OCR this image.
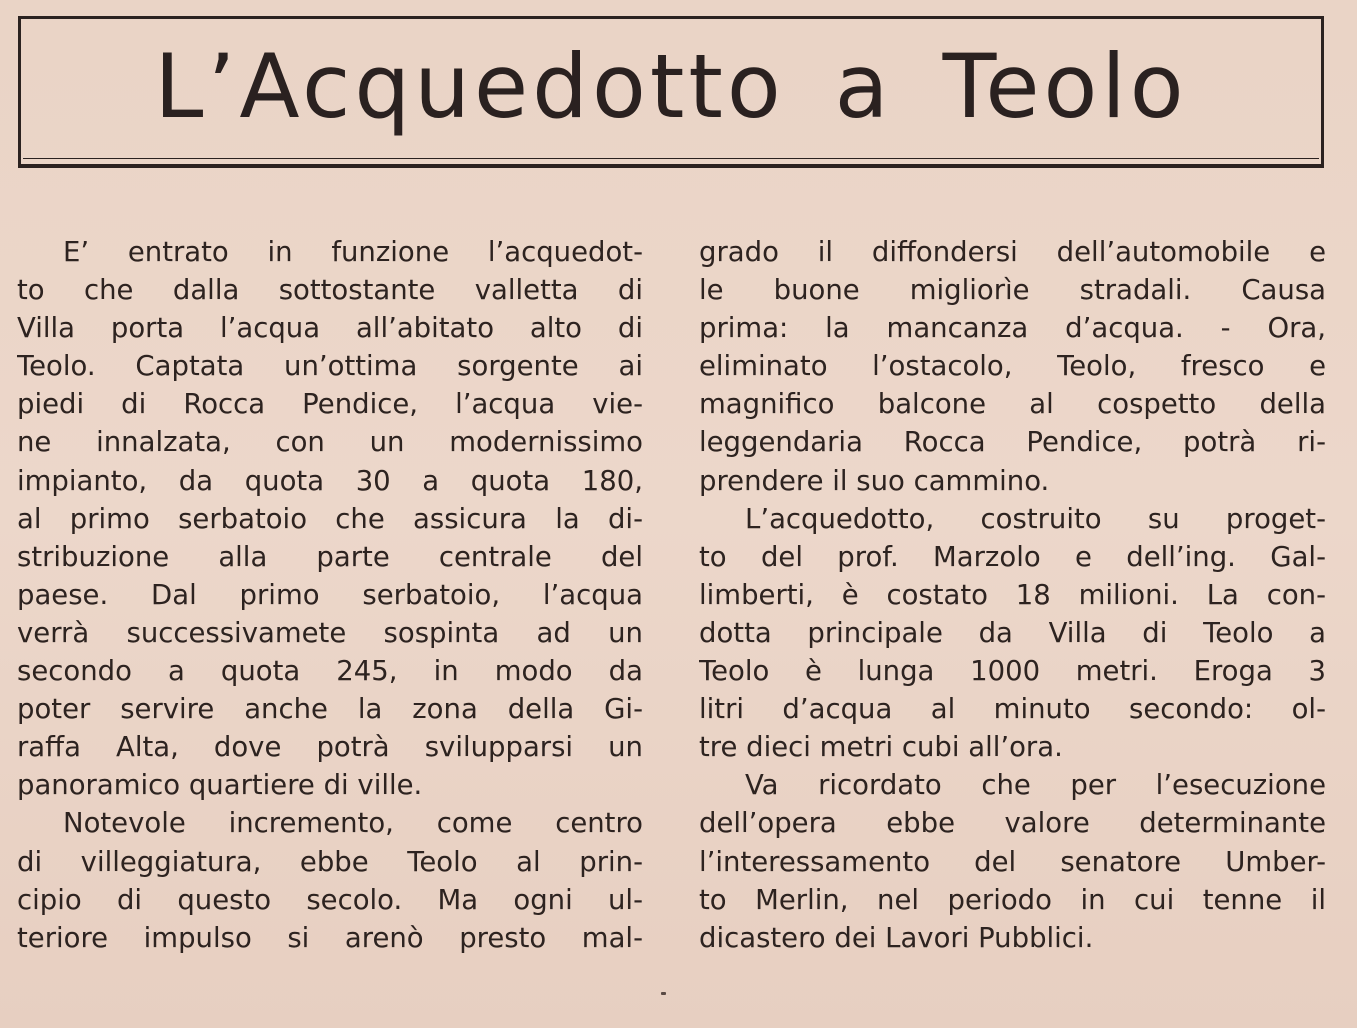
L’Acquedotto a Teolo
E’ entrato in funzione l’acquedot-
to che dalla sottostante valletta di
Villa porta l’acqua all’abitato alto di
Teolo. Captata un’ottima sorgente ai
piedi di Rocca Pendice, l’acqua vie-
ne innalzata, con un modernissimo
impianto, da quota 30 a quota 180,
al primo serbatoio che assicura la di-
stribuzione alla parte centrale del
paese. Dal primo serbatoio, l’acqua
verrà successivamete sospinta ad un
secondo a quota 245, in modo da
poter servire anche la zona della Gi-
raffa Alta, dove potrà svilupparsi un
panoramico quartiere di ville.
Notevole incremento, come centro
di villeggiatura, ebbe Teolo al prin-
cipio di questo secolo. Ma ogni ul-
teriore impulso si arenò presto mal-
grado il diffondersi dell’automobile e
le buone migliorìe stradali. Causa
prima: la mancanza d’acqua. - Ora,
eliminato l’ostacolo, Teolo, fresco e
magnifico balcone al cospetto della
leggendaria Rocca Pendice, potrà ri-
prendere il suo cammino.
L’acquedotto, costruito su proget-
to del prof. Marzolo e dell’ing. Gal-
limberti, è costato 18 milioni. La con-
dotta principale da Villa di Teolo a
Teolo è lunga 1000 metri. Eroga 3
litri d’acqua al minuto secondo: ol-
tre dieci metri cubi all’ora.
Va ricordato che per l’esecuzione
dell’opera ebbe valore determinante
l’interessamento del senatore Umber-
to Merlin, nel periodo in cui tenne il
dicastero dei Lavori Pubblici.
